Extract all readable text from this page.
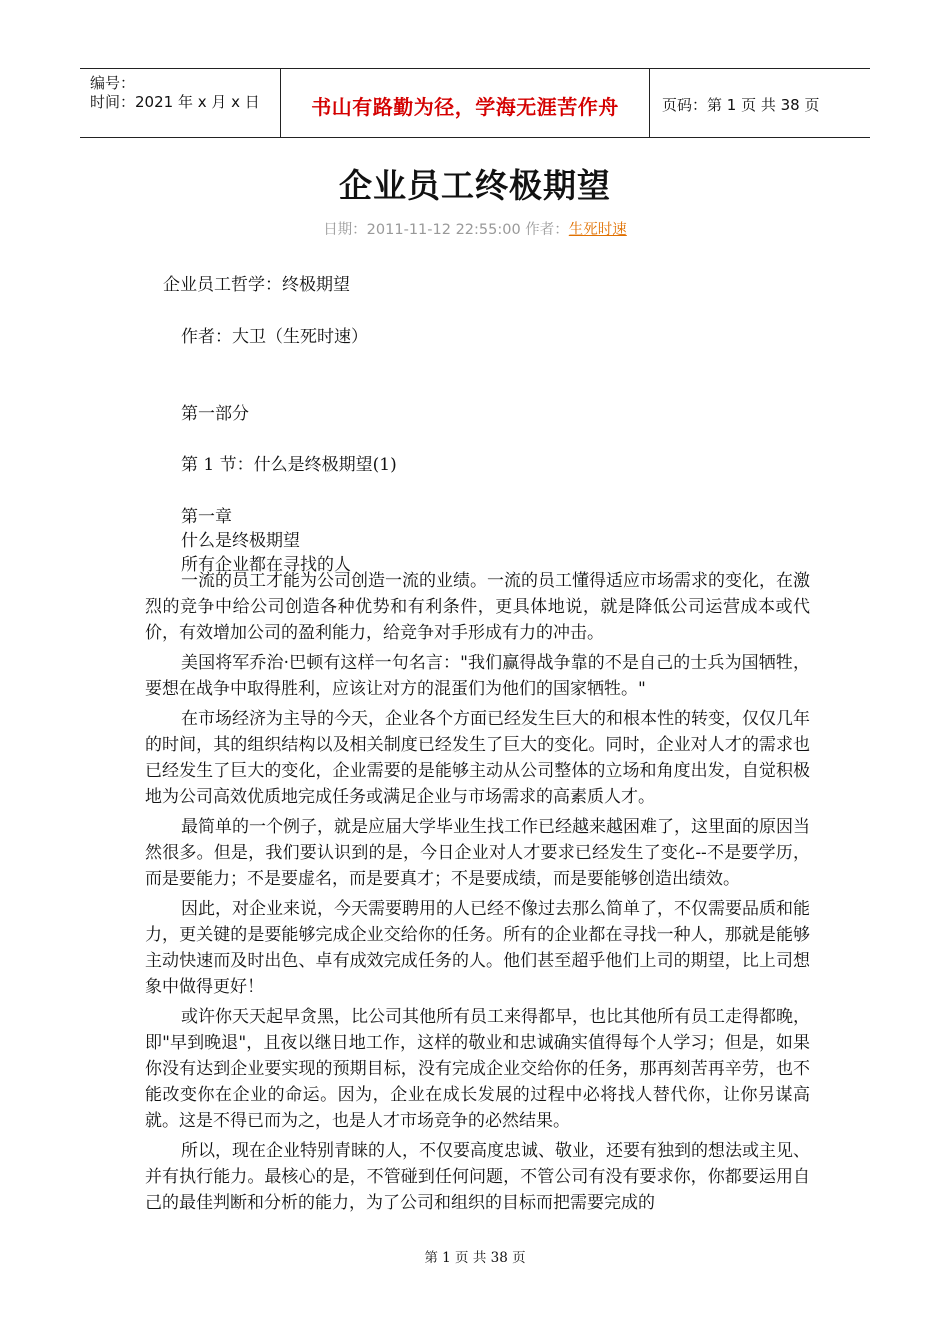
编号：
时间：2021 年 x 月 x 日	书山有路勤为径，学海无涯苦作舟	页码：第 1 页 共 38 页
企业员工终极期望
日期：2011-11-12 22:55:00 作者：生死时速
企业员工哲学：终极期望
作者：大卫（生死时速）
第一部分
第 1 节：什么是终极期望(1)
第一章
什么是终极期望
所有企业都在寻找的人

一流的员工才能为公司创造一流的业绩。一流的员工懂得适应市场需求的变化，在激烈的竞争中给公司创造各种优势和有利条件，更具体地说，就是降低公司运营成本或代价，有效增加公司的盈利能力，给竞争对手形成有力的冲击。

美国将军乔治·巴顿有这样一句名言："我们赢得战争靠的不是自己的士兵为国牺牲，要想在战争中取得胜利，应该让对方的混蛋们为他们的国家牺牲。"

在市场经济为主导的今天，企业各个方面已经发生巨大的和根本性的转变，仅仅几年的时间，其的组织结构以及相关制度已经发生了巨大的变化。同时，企业对人才的需求也已经发生了巨大的变化，企业需要的是能够主动从公司整体的立场和角度出发，自觉积极地为公司高效优质地完成任务或满足企业与市场需求的高素质人才。

最简单的一个例子，就是应届大学毕业生找工作已经越来越困难了，这里面的原因当然很多。但是，我们要认识到的是，今日企业对人才要求已经发生了变化--不是要学历，而是要能力；不是要虚名，而是要真才；不是要成绩，而是要能够创造出绩效。

因此，对企业来说，今天需要聘用的人已经不像过去那么简单了，不仅需要品质和能力，更关键的是要能够完成企业交给你的任务。所有的企业都在寻找一种人，那就是能够主动快速而及时出色、卓有成效完成任务的人。他们甚至超乎他们上司的期望，比上司想象中做得更好！

或许你天天起早贪黑，比公司其他所有员工来得都早，也比其他所有员工走得都晚，即"早到晚退"，且夜以继日地工作，这样的敬业和忠诚确实值得每个人学习；但是，如果你没有达到企业要实现的预期目标，没有完成企业交给你的任务，那再刻苦再辛劳，也不能改变你在企业的命运。因为，企业在成长发展的过程中必将找人替代你，让你另谋高就。这是不得已而为之，也是人才市场竞争的必然结果。

所以，现在企业特别青睐的人，不仅要高度忠诚、敬业，还要有独到的想法或主见、并有执行能力。最核心的是，不管碰到任何问题，不管公司有没有要求你，你都要运用自己的最佳判断和分析的能力，为了公司和组织的目标而把需要完成的

第 1 页 共 38 页
